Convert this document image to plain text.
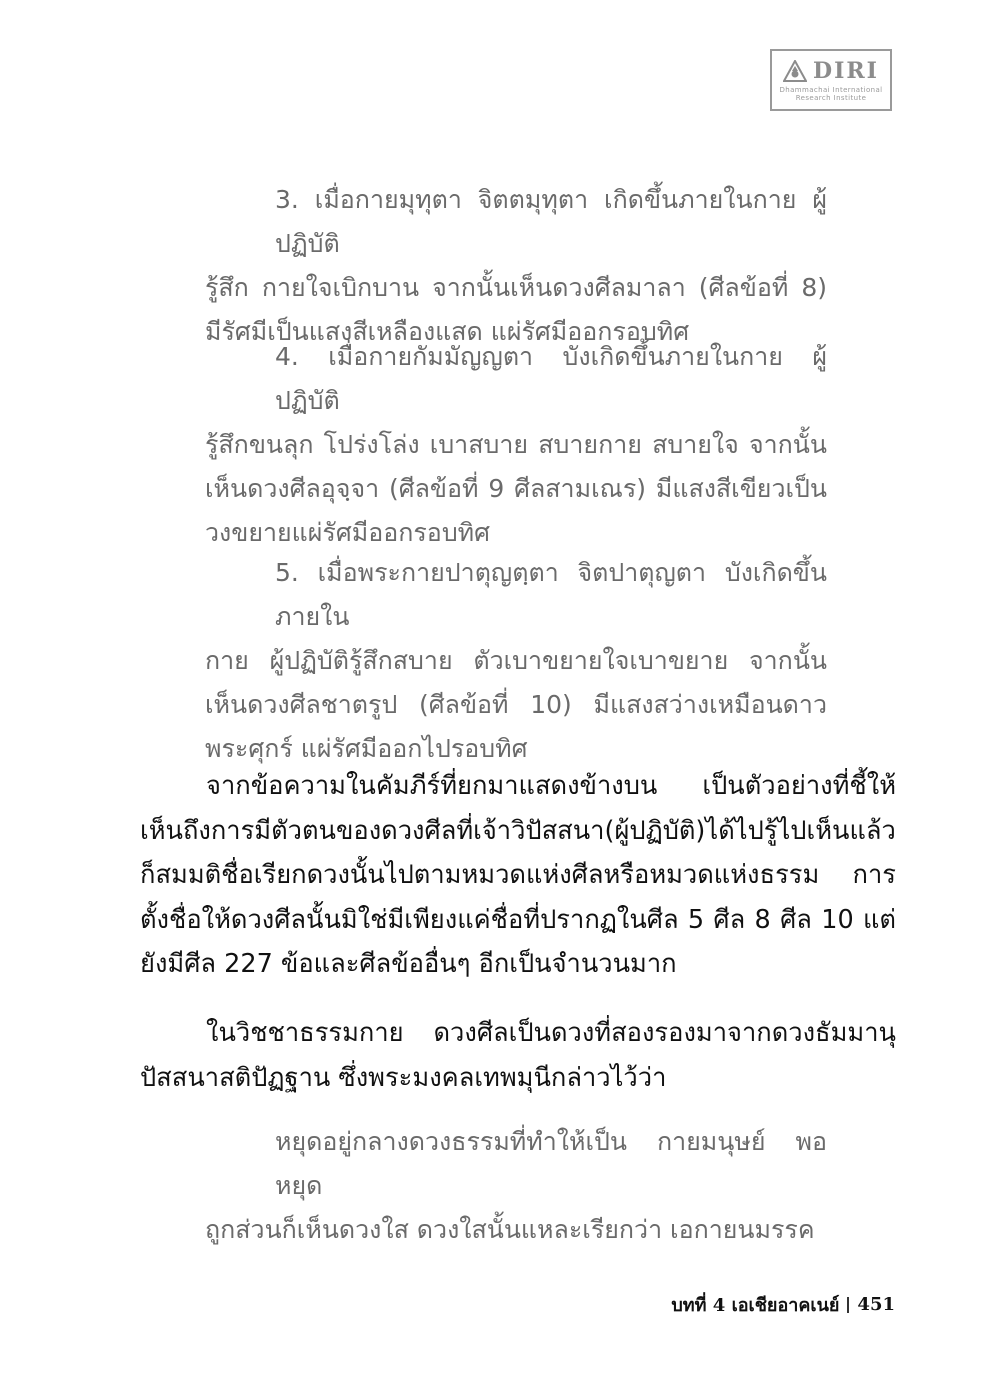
DIRI
Dhammachai International
Research Institute

3. เมื่อกายมุทุตา จิตตมุทุตา เกิดขึ้นภายในกาย ผู้ปฏิบัติ

รู้สึก กายใจเบิกบาน จากนั้นเห็นดวงศีลมาลา (ศีลข้อที่ 8) มีรัศมีเป็นแสงสีเหลืองแสด แผ่รัศมีออกรอบทิศ

4. เมื่อกายกัมมัญญตา บังเกิดขึ้นภายในกาย ผู้ปฏิบัติ

รู้สึกขนลุก โปร่งโล่ง เบาสบาย สบายกาย สบายใจ จากนั้นเห็นดวงศีลอุจฺจา (ศีลข้อที่ 9 ศีลสามเณร) มีแสงสีเขียวเป็นวงขยายแผ่รัศมีออกรอบทิศ

5. เมื่อพระกายปาตุญตฺตา จิตปาตุญตา บังเกิดขึ้นภายใน

กาย ผู้ปฏิบัติรู้สึกสบาย ตัวเบาขยายใจเบาขยาย จากนั้นเห็นดวงศีลชาตรูป (ศีลข้อที่ 10) มีแสงสว่างเหมือนดาวพระศุกร์ แผ่รัศมีออกไปรอบทิศ

จากข้อความในคัมภีร์ที่ยกมาแสดงข้างบน เป็นตัวอย่างที่ชี้ให้เห็นถึงการมีตัวตนของดวงศีลที่เจ้าวิปัสสนา(ผู้ปฏิบัติ)ได้ไปรู้ไปเห็นแล้วก็สมมติชื่อเรียกดวงนั้นไปตามหมวดแห่งศีลหรือหมวดแห่งธรรม การตั้งชื่อให้ดวงศีลนั้นมิใช่มีเพียงแค่ชื่อที่ปรากฏในศีล 5 ศีล 8 ศีล 10 แต่ยังมีศีล 227 ข้อและศีลข้ออื่นๆ อีกเป็นจำนวนมาก

ในวิชชาธรรมกาย ดวงศีลเป็นดวงที่สองรองมาจากดวงธัมมานุปัสสนาสติปัฏฐาน ซึ่งพระมงคลเทพมุนีกล่าวไว้ว่า

หยุดอยู่กลางดวงธรรมที่ทำให้เป็น กายมนุษย์ พอหยุด

ถูกส่วนก็เห็นดวงใส ดวงใสนั้นแหละเรียกว่า เอกายนมรรค

บทที่ 4 เอเชียอาคเนย์ 451
